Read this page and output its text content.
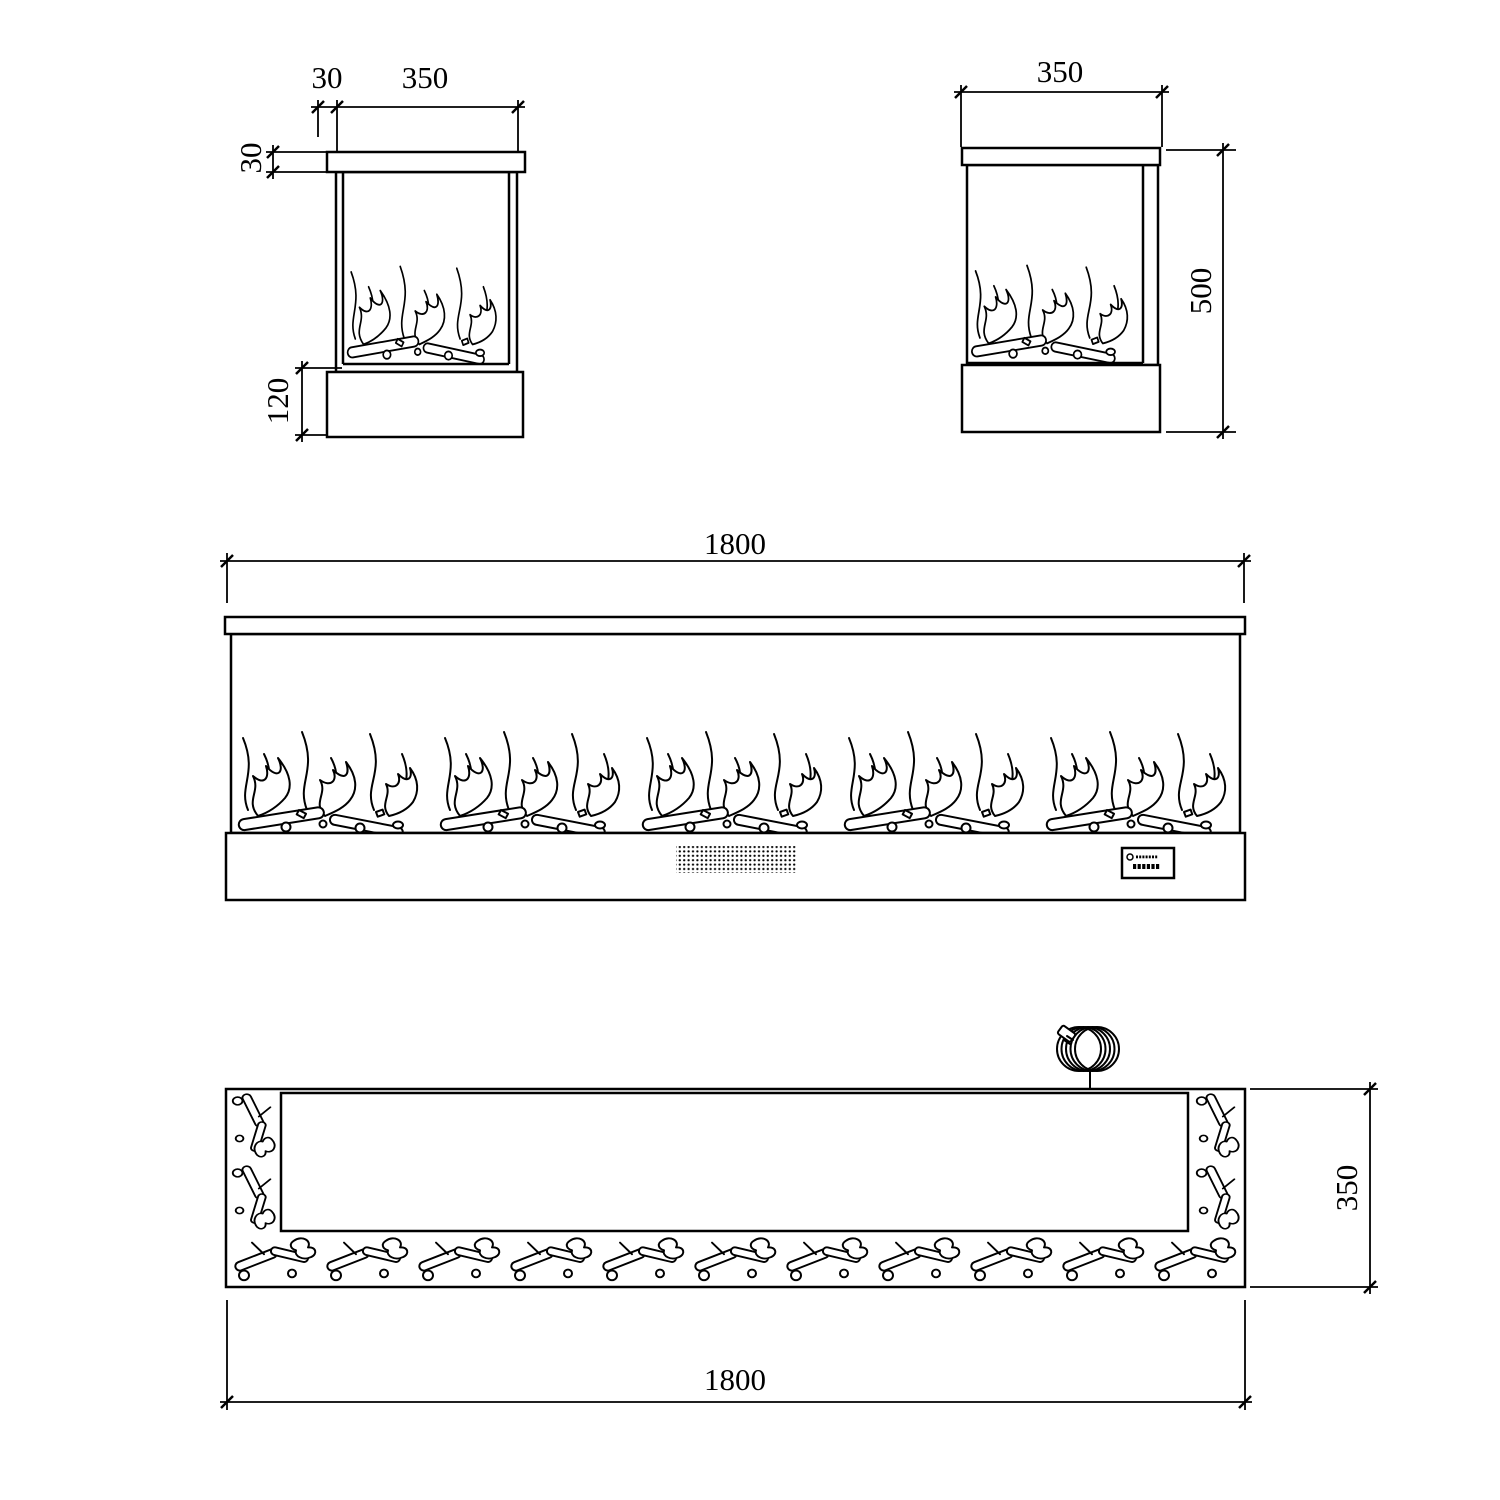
30 350
30
120
350
500
1800
350
1800
